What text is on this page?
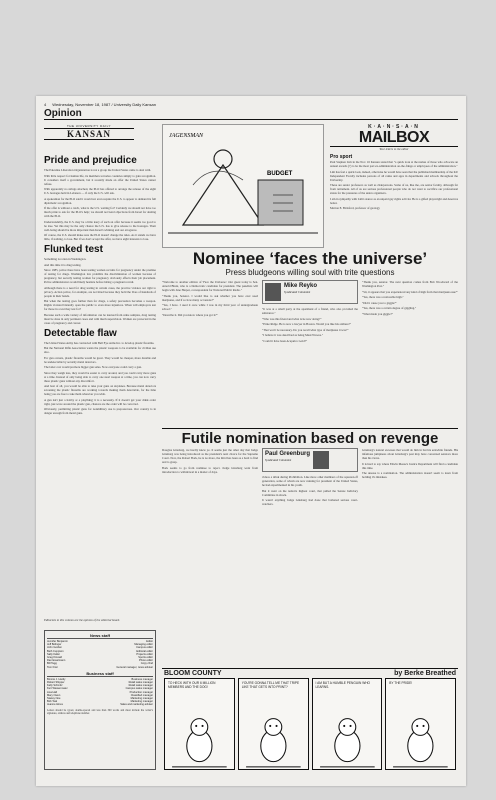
4 Wednesday, November 18, 1987 / University Daily Kansan
Opinion
THE UNIVERSITY DAILY
KANSAN
Pride and prejudice

The Palestine Liberation Organization is not a group the United States came to deal with.

With little respect for human life, its members terrorize countries simply to gain recognition. It considers itself a government, but it recently made an offer the United States cannot refuse.

With apparently no strings attached, the PLO has offered to arrange the release of the eight U.S. hostages held in Lebanon — if only the U.S. will ask.

A spokesman for the PLO said it would not even require the U.S. to appear to demand its full diplomatic recognition.

If the offer is without a catch, what is the U.S. waiting for? Certainly we should not have too much pride to ask for the PLO's help; we should not bend objections from Israel for dealing with the PLO.

Understandably, the U.S. may be a little leery of such an offer because it seems too good to be true. Yet this may be the only chance the U.S. has to give release to the hostages. Their well-being should be more important than Israel's whining and our arrogance.

Of course, the U.S. should make sure the PLO doesn't change the rules. As it stands we have little, if nothing, to lose. But if we don't accept the offer, we have eight interests to lose.

Flunked test

Something is rotten in Washington.

And this time it is drug testing.

Since 1985, police there have been testing women recruits for pregnancy under the premise of testing for drugs. Washington law prohibits the discrimination of women because of pregnancy, but secretly testing women for pregnancy obviously affects their job placement. Police administrators would likely hesitate before hiring a pregnant recruit.

Although there is a need for drug testing in certain cases, the practice violates our right to privacy. Action police, for example, are not hired because they hold the lives of hundreds of people in their hands.

But when the testing goes further than for drugs, a safety precaution becomes a weapon. Rights violated blatantly open the public to even more injustices. When will employers test for those in a test they test for?

Because such a wide variety of information can be learned from urine samples, drug testing must be done in only pertinent cases and with much supervision. Women are protected in the cases of pregnancy and cancer.

Detectable flaw

The United States Army has contracted with Bell Eye Arms Inc. to develop plastic firearms.

But the National Rifle Association wants the plastic weapons to be available for civilian use also.

For gun owners, plastic firearms would be great. They would be cheaper, more durable and be undetectable by security metal detectors.

The latter cost would promote bigger gun sales. Now everyone could carry a gun.

Since they weigh less, they would be easier to carry around, and you could carry more guns at a time. Instead of only being able to carry one steel weapon at a time, you can now carry three plastic guns without any discomfort.

And best of all, you would be able to take your guns on airplanes. Because metal detectors screening the plastic firearms are working towards making them detectable, for the time being you are free to take them wherever you wish.

A gun isn't just a hobby or a plaything; it is a necessity. If it doesn't get your drink order right, just wave around the plastic gun, chances are the order will be corrected.

Obviously, permitting plastic guns for nonmilitary use is preposterous. Our country is in danger enough from metal guns.

Editorials in this column are the opinion of the editorial board.
News staff
Jennifer Benjamin	Editor
Jeff Bolinger	Managing editor
John Gorden	Campus editor
Beth Cupprein	Editorial editor
Sally Keller	Projects editor
Greg Kincaid	Sports editor
Dan Esselmann	Photo editor
Bill Tagg	Copy chief
Tom Frier	General manager, news adviser
Business staff
Bonnie J. Hardy	Business manager
Robert Shipper	Retail sales manager
Kelly Schmitz	Retail sales manager
Kurt Wiesenmaier	Campus sales manager
Lisa Hall	Production manager
Mary Owen	Classified manager
Stacey Noe	Marketing manager
Bob Teal	Marketing manager
Jeanne Hines	Sales and marketing adviser
Letters should be typed, double-spaced and less than 300 words and must include the writer's signature, address and telephone number.
BUDGET
JAGENSMAN
K·A·N·S·A·N
MAILBOX
Your letters to the editor
Pro sport

Paul Stephen Lim in the Nov. 16 Kansan stated that "a quick look at the names of those who advocate an annual awards (?) to be the most part ex-administration on-the-fringe or employees of the administration."

Lim has feel a quick look, indeed, otherwise he would have seen that the published membership of the KU Independent Faculty includes persons of all ranks and ages in departments and schools throughout the University.

These are senior professors as well as chairpersons. Some of us, like me, are senior faculty, although far from retirement. All of us are serious professional people who do not want to sacrifice our professional status for the pressures of the union organizers.

I am in sympathy with Lim's stance as an unpaid gay rights activist. He is a gifted playwright and deserves better.

Marion E. Bickford, professor of geology

Nominee ‘faces the universe’
Press bludgeons willing soul with trite questions

"Welcome to another edition of 'Face the Universe.' Our guest today is Sen. Arnold Blunt, who is a Democratic candidate for president. The panelists will begin with Jane Harper, correspondent for National Public Radio."

"Thank you, Senator. I would like to ask whether you have ever used marijuana, and if so how many occasions?"

"Yes, I have. I used it once while I was in my third year of undergraduate school."

"Describe it. Did you know where you got it?"

Mike Reyko
Syndicated Columnist

"It was at a small party at the apartment of a friend, who also provided the substance."

"Who was this friend and what is he now doing?"

"Ernie Ridge. He is now a lawyer in Boston. Would you like his address?"

"That won't be necessary. Do you recall what type of marijuana it was?"

"I believe it was described as being Maui Wowee."

"Could it have been Acapulco Gold?"

"Thank you, senator. The next question comes from Bob Woodward of the Washington Post."

"Sir, it appears that you experienced any kind of high from that marijuana use?"

"Yes, there was a noticeable high."

"Did it cause you to giggle?"

"Yes, there was a certain degree of giggling."

"What made you giggle?"

Futile nomination based on revenge

Douglas Ginsburg, we hardly knew ye. It seems just the other day that Judge Ginsburg was being introduced as the president's next choice for the Supreme Court. Now, the Robert Bork, he is no more, the third has been as a hard to find and to grasp.

Bork seems to go from nominee to reject. Judge Ginsburg went from introduction to withdrawal in a matter of days.

Paul Greenburg
Syndicated Columnist

videos a drink during Prohibition. Like more other members of the squared-off generation, some of whom are now running for president of the United States, he had experimented in his youth.

But it went on the nation's highest court, that pulled the Senate Judiciary Committee in shock.

It wasn't anything Judge Ginsburg had done that bothered serious court-watchers.

Ginsburg's natural excesses that would do him in but his erstwhile friends. His infamous jumpiness about Ginsburg's past may have concerned senators more than his views.

It is hard to say where Edwin Meese's Justice Department will find a candidate this time.

The unease is a nomination. The administration doesn't seem to learn from holding it's mistakes.

BLOOM COUNTY	by Berke Breathed
TO HECK WITH OUR 6 MILLION MEMBERS AND THE DOG!
YOU'RE GONNA TELL ME THAT TRIPE LIKE THAT GETS INTO PRINT?
I AM BUT A HUMBLE PENGUIN WHO LEARNS.
BY THE PRIDE!
